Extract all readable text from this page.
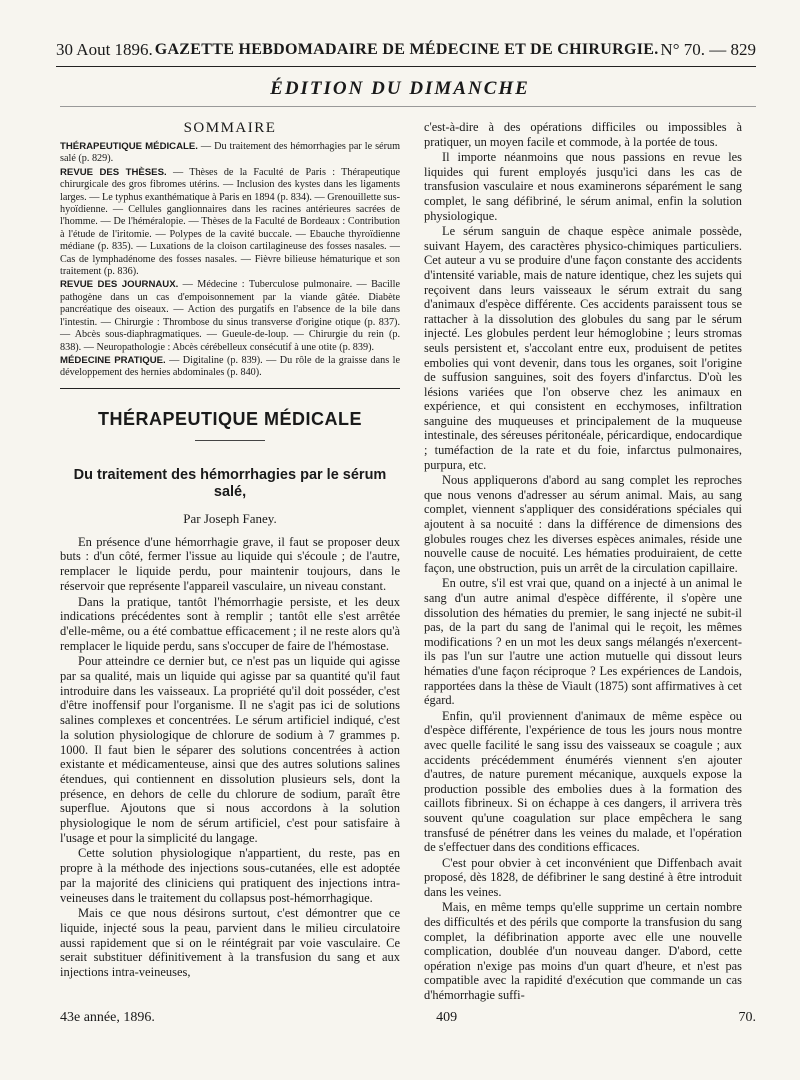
30 Aout 1896. GAZETTE HEBDOMADAIRE DE MÉDECINE ET DE CHIRURGIE. N° 70. — 829
ÉDITION DU DIMANCHE
SOMMAIRE
THÉRAPEUTIQUE MÉDICALE. — Du traitement des hémorrhagies par le sérum salé (p. 829).
REVUE DES THÈSES. — Thèses de la Faculté de Paris : Thérapeutique chirurgicale des gros fibromes utérins. — Inclusion des kystes dans les ligaments larges. — Le typhus exanthématique à Paris en 1894 (p. 834). — Grenouillette sus-hyoïdienne. — Cellules ganglionnaires dans les racines antérieures sacrées de l'homme. — De l'héméralopie. — Thèses de la Faculté de Bordeaux : Contribution à l'étude de l'iritomie. — Polypes de la cavité buccale. — Ebauche thyroïdienne médiane (p. 835). — Luxations de la cloison cartilagineuse des fosses nasales. — Cas de lymphadénome des fosses nasales. — Fièvre bilieuse hématurique et son traitement (p. 836).
REVUE DES JOURNAUX. — Médecine : Tuberculose pulmonaire. — Bacille pathogène dans un cas d'empoisonnement par la viande gâtée. Diabète pancréatique des oiseaux. — Action des purgatifs en l'absence de la bile dans l'intestin. — Chirurgie : Thrombose du sinus transverse d'origine otique (p. 837). — Abcès sous-diaphragmatiques. — Gueule-de-loup. — Chirurgie du rein (p. 838). — Neuropathologie : Abcès cérébelleux consécutif à une otite (p. 839).
MÉDECINE PRATIQUE. — Digitaline (p. 839). — Du rôle de la graisse dans le développement des hernies abdominales (p. 840).
THÉRAPEUTIQUE MÉDICALE
Du traitement des hémorrhagies par le sérum salé,
Par Joseph Faney.

En présence d'une hémorrhagie grave, il faut se proposer deux buts : d'un côté, fermer l'issue au liquide qui s'écoule ; de l'autre, remplacer le liquide perdu, pour maintenir toujours, dans le réservoir que représente l'appareil vasculaire, un niveau constant.

Dans la pratique, tantôt l'hémorrhagie persiste, et les deux indications précédentes sont à remplir ; tantôt elle s'est arrêtée d'elle-même, ou a été combattue efficacement ; il ne reste alors qu'à remplacer le liquide perdu, sans s'occuper de faire de l'hémostase.

Pour atteindre ce dernier but, ce n'est pas un liquide qui agisse par sa qualité, mais un liquide qui agisse par sa quantité qu'il faut introduire dans les vaisseaux. La propriété qu'il doit posséder, c'est d'être inoffensif pour l'organisme. Il ne s'agit pas ici de solutions salines complexes et concentrées. Le sérum artificiel indiqué, c'est la solution physiologique de chlorure de sodium à 7 grammes p. 1000. Il faut bien le séparer des solutions concentrées à action existante et médicamenteuse, ainsi que des autres solutions salines étendues, qui contiennent en dissolution plusieurs sels, dont la présence, en dehors de celle du chlorure de sodium, paraît être superflue. Ajoutons que si nous accordons à la solution physiologique le nom de sérum artificiel, c'est pour satisfaire à l'usage et pour la simplicité du langage.

Cette solution physiologique n'appartient, du reste, pas en propre à la méthode des injections sous-cutanées, elle est adoptée par la majorité des cliniciens qui pratiquent des injections intra-veineuses dans le traitement du collapsus post-hémorrhagique.

Mais ce que nous désirons surtout, c'est démontrer que ce liquide, injecté sous la peau, parvient dans le milieu circulatoire aussi rapidement que si on le réintégrait par voie vasculaire. Ce serait substituer définitivement à la transfusion du sang et aux injections intra-veineuses,

c'est-à-dire à des opérations difficiles ou impossibles à pratiquer, un moyen facile et commode, à la portée de tous.

Il importe néanmoins que nous passions en revue les liquides qui furent employés jusqu'ici dans les cas de transfusion vasculaire et nous examinerons séparément le sang complet, le sang défibriné, le sérum animal, enfin la solution physiologique.

Le sérum sanguin de chaque espèce animale possède, suivant Hayem, des caractères physico-chimiques particuliers. Cet auteur a vu se produire d'une façon constante des accidents d'intensité variable, mais de nature identique, chez les sujets qui reçoivent dans leurs vaisseaux le sérum extrait du sang d'animaux d'espèce différente. Ces accidents paraissent tous se rattacher à la dissolution des globules du sang par le sérum injecté. Les globules perdent leur hémoglobine ; leurs stromas seuls persistent et, s'accolant entre eux, produisent de petites embolies qui vont devenir, dans tous les organes, soit l'origine de suffusion sanguines, soit des foyers d'infarctus. D'où les lésions variées que l'on observe chez les animaux en expérience, et qui consistent en ecchymoses, infiltration sanguine des muqueuses et principalement de la muqueuse intestinale, des séreuses péritonéale, péricardique, endocardique ; tuméfaction de la rate et du foie, infarctus pulmonaires, purpura, etc.

Nous appliquerons d'abord au sang complet les reproches que nous venons d'adresser au sérum animal. Mais, au sang complet, viennent s'appliquer des considérations spéciales qui ajoutent à sa nocuité : dans la différence de dimensions des globules rouges chez les diverses espèces animales, réside une nouvelle cause de nocuité. Les hématies produiraient, de cette façon, une obstruction, puis un arrêt de la circulation capillaire.

En outre, s'il est vrai que, quand on a injecté à un animal le sang d'un autre animal d'espèce différente, il s'opère une dissolution des hématies du premier, le sang injecté ne subit-il pas, de la part du sang de l'animal qui le reçoit, les mêmes modifications ? en un mot les deux sangs mélangés n'exercent-ils pas l'un sur l'autre une action mutuelle qui dissout leurs hématies d'une façon réciproque ? Les expériences de Landois, rapportées dans la thèse de Viault (1875) sont affirmatives à cet égard.

Enfin, qu'il proviennent d'animaux de même espèce ou d'espèce différente, l'expérience de tous les jours nous montre avec quelle facilité le sang issu des vaisseaux se coagule ; aux accidents précédemment énumérés viennent s'en ajouter d'autres, de nature purement mécanique, auxquels expose la production possible des embolies dues à la formation des caillots fibrineux. Si on échappe à ces dangers, il arrivera très souvent qu'une coagulation sur place empêchera le sang transfusé de pénétrer dans les veines du malade, et l'opération de s'effectuer dans des conditions efficaces.

C'est pour obvier à cet inconvénient que Diffenbach avait proposé, dès 1828, de défibriner le sang destiné à être introduit dans les veines.

Mais, en même temps qu'elle supprime un certain nombre des difficultés et des périls que comporte la transfusion du sang complet, la défibrination apporte avec elle une nouvelle complication, doublée d'un nouveau danger. D'abord, cette opération n'exige pas moins d'un quart d'heure, et n'est pas compatible avec la rapidité d'exécution que commande un cas d'hémorrhagie suffi-

43e année, 1896.	409	70.
